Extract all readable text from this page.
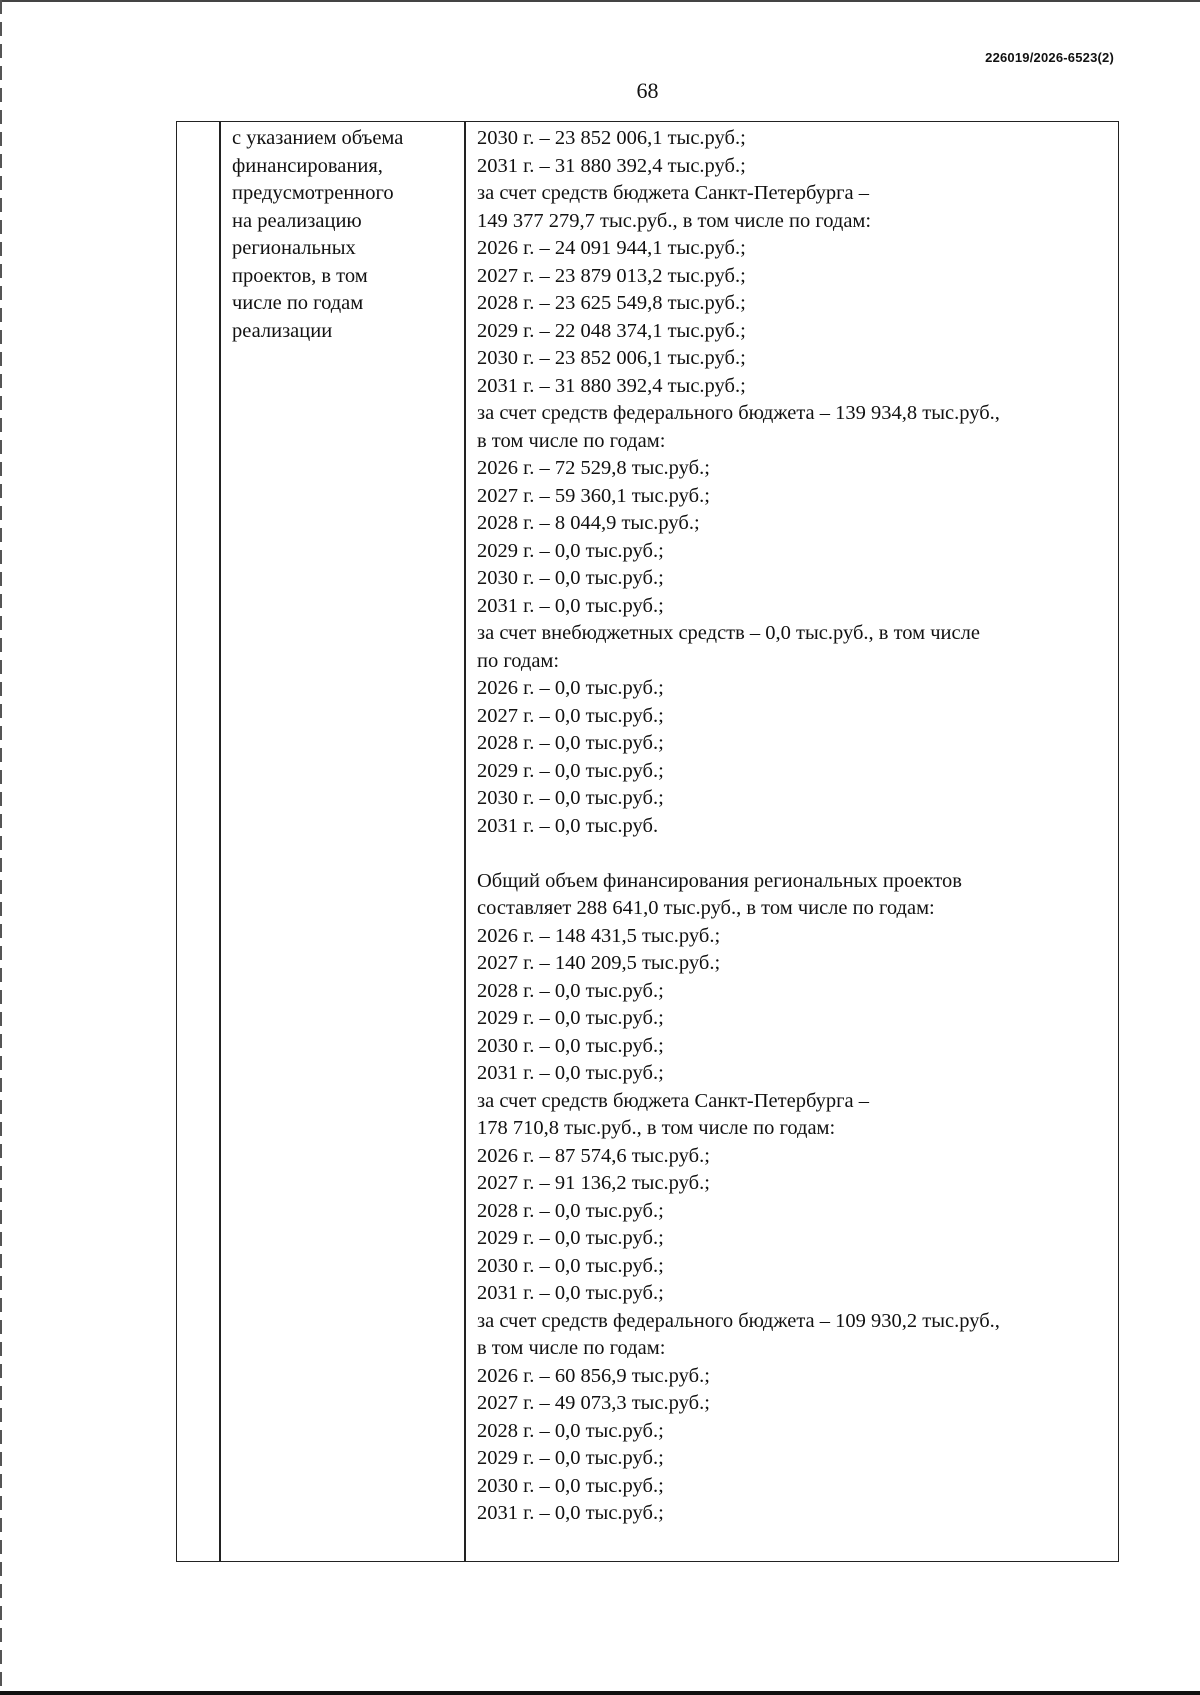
226019/2026-6523(2)
68
с указанием объема
финансирования,
предусмотренного
на реализацию
региональных
проектов, в том
числе по годам
реализации
2030 г. – 23 852 006,1 тыс.руб.;
2031 г. – 31 880 392,4 тыс.руб.;
за счет средств бюджета Санкт-Петербурга –
149 377 279,7 тыс.руб., в том числе по годам:
2026 г. – 24 091 944,1 тыс.руб.;
2027 г. – 23 879 013,2 тыс.руб.;
2028 г. – 23 625 549,8 тыс.руб.;
2029 г. – 22 048 374,1 тыс.руб.;
2030 г. – 23 852 006,1 тыс.руб.;
2031 г. – 31 880 392,4 тыс.руб.;
за счет средств федерального бюджета – 139 934,8 тыс.руб.,
в том числе по годам:
2026 г. – 72 529,8 тыс.руб.;
2027 г. – 59 360,1 тыс.руб.;
2028 г. – 8 044,9 тыс.руб.;
2029 г. – 0,0 тыс.руб.;
2030 г. – 0,0 тыс.руб.;
2031 г. – 0,0 тыс.руб.;
за счет внебюджетных средств – 0,0 тыс.руб., в том числе
по годам:
2026 г. – 0,0 тыс.руб.;
2027 г. – 0,0 тыс.руб.;
2028 г. – 0,0 тыс.руб.;
2029 г. – 0,0 тыс.руб.;
2030 г. – 0,0 тыс.руб.;
2031 г. – 0,0 тыс.руб.
Общий объем финансирования региональных проектов
составляет 288 641,0 тыс.руб., в том числе по годам:
2026 г. – 148 431,5 тыс.руб.;
2027 г. – 140 209,5 тыс.руб.;
2028 г. – 0,0 тыс.руб.;
2029 г. – 0,0 тыс.руб.;
2030 г. – 0,0 тыс.руб.;
2031 г. – 0,0 тыс.руб.;
за счет средств бюджета Санкт-Петербурга –
178 710,8 тыс.руб., в том числе по годам:
2026 г. – 87 574,6 тыс.руб.;
2027 г. – 91 136,2 тыс.руб.;
2028 г. – 0,0 тыс.руб.;
2029 г. – 0,0 тыс.руб.;
2030 г. – 0,0 тыс.руб.;
2031 г. – 0,0 тыс.руб.;
за счет средств федерального бюджета – 109 930,2 тыс.руб.,
в том числе по годам:
2026 г. – 60 856,9 тыс.руб.;
2027 г. – 49 073,3 тыс.руб.;
2028 г. – 0,0 тыс.руб.;
2029 г. – 0,0 тыс.руб.;
2030 г. – 0,0 тыс.руб.;
2031 г. – 0,0 тыс.руб.;
